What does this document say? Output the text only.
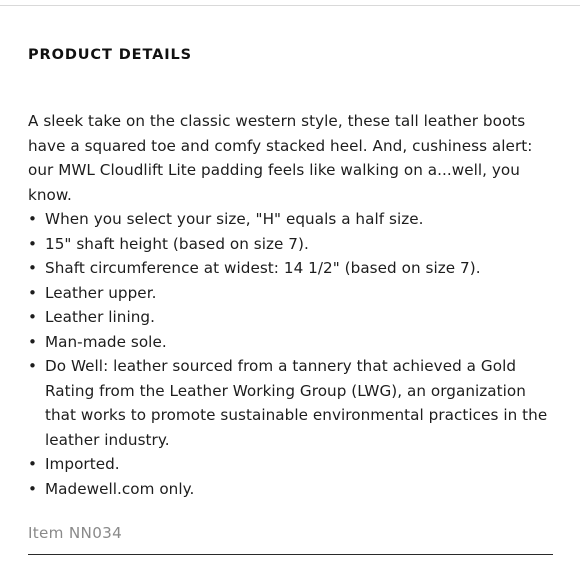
PRODUCT DETAILS

A sleek take on the classic western style, these tall leather boots have a squared toe and comfy stacked heel. And, cushiness alert: our MWL Cloudlift Lite padding feels like walking on a...well, you know.

• When you select your size, "H" equals a half size.
• 15" shaft height (based on size 7).
• Shaft circumference at widest: 14 1/2" (based on size 7).
• Leather upper.
• Leather lining.
• Man-made sole.
• Do Well: leather sourced from a tannery that achieved a Gold Rating from the Leather Working Group (LWG), an organization that works to promote sustainable environmental practices in the leather industry.
• Imported.
• Madewell.com only.
Item NN034
